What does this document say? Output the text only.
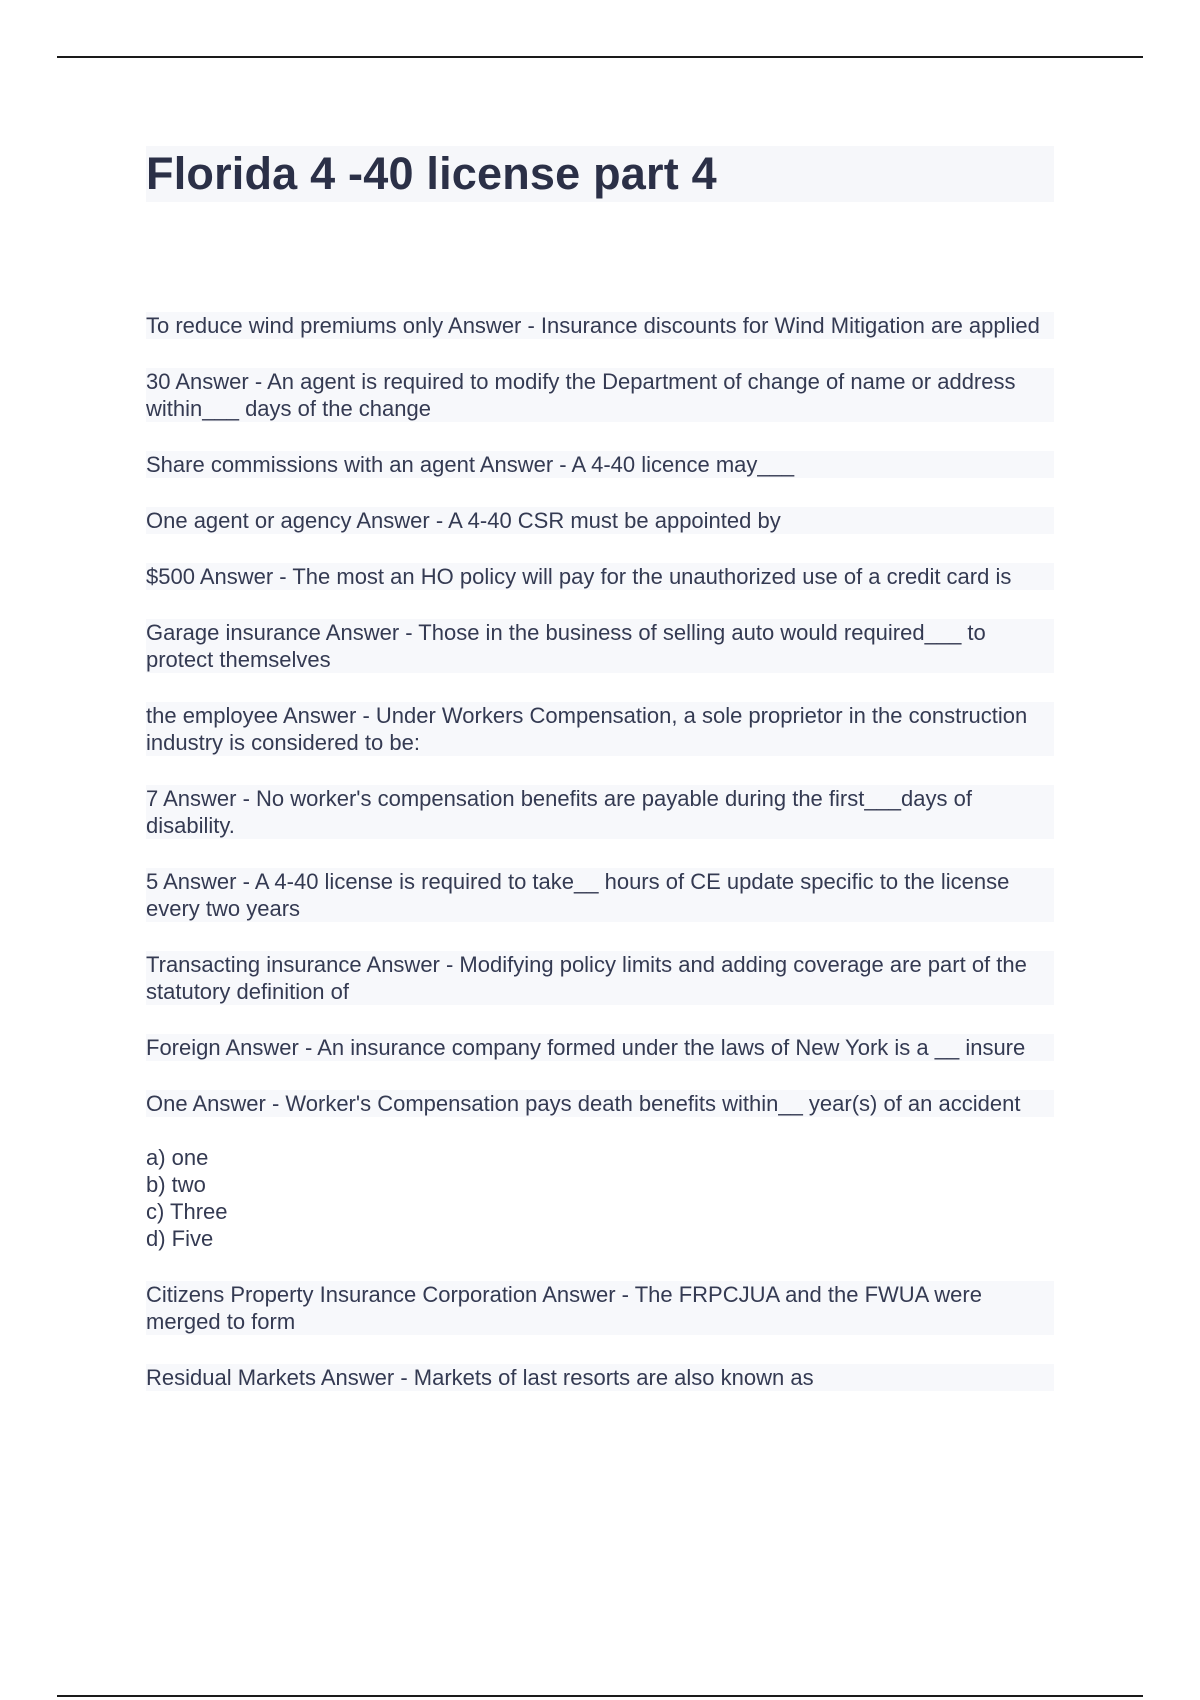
Florida 4 -40 license part 4

To reduce wind premiums only Answer - Insurance discounts for Wind Mitigation are applied

30 Answer - An agent is required to modify the Department of change of name or address within___ days of the change

Share commissions with an agent Answer - A 4-40 licence may___

One agent or agency Answer - A 4-40 CSR must be appointed by

$500 Answer - The most an HO policy will pay for the unauthorized use of a credit card is

Garage insurance Answer - Those in the business of selling auto would required___ to protect themselves

the employee Answer - Under Workers Compensation, a sole proprietor in the construction industry is considered to be:

7 Answer - No worker's compensation benefits are payable during the first___days of disability.

5 Answer - A 4-40 license is required to take__ hours of CE update specific to the license every two years

Transacting insurance Answer - Modifying policy limits and adding coverage are part of the statutory definition of

Foreign Answer - An insurance company formed under the laws of New York is a __ insure

One Answer - Worker's Compensation pays death benefits within__ year(s) of an accident

a) one
b) two
c) Three
d) Five

Citizens Property Insurance Corporation Answer - The FRPCJUA and the FWUA were merged to form

Residual Markets Answer - Markets of last resorts are also known as
